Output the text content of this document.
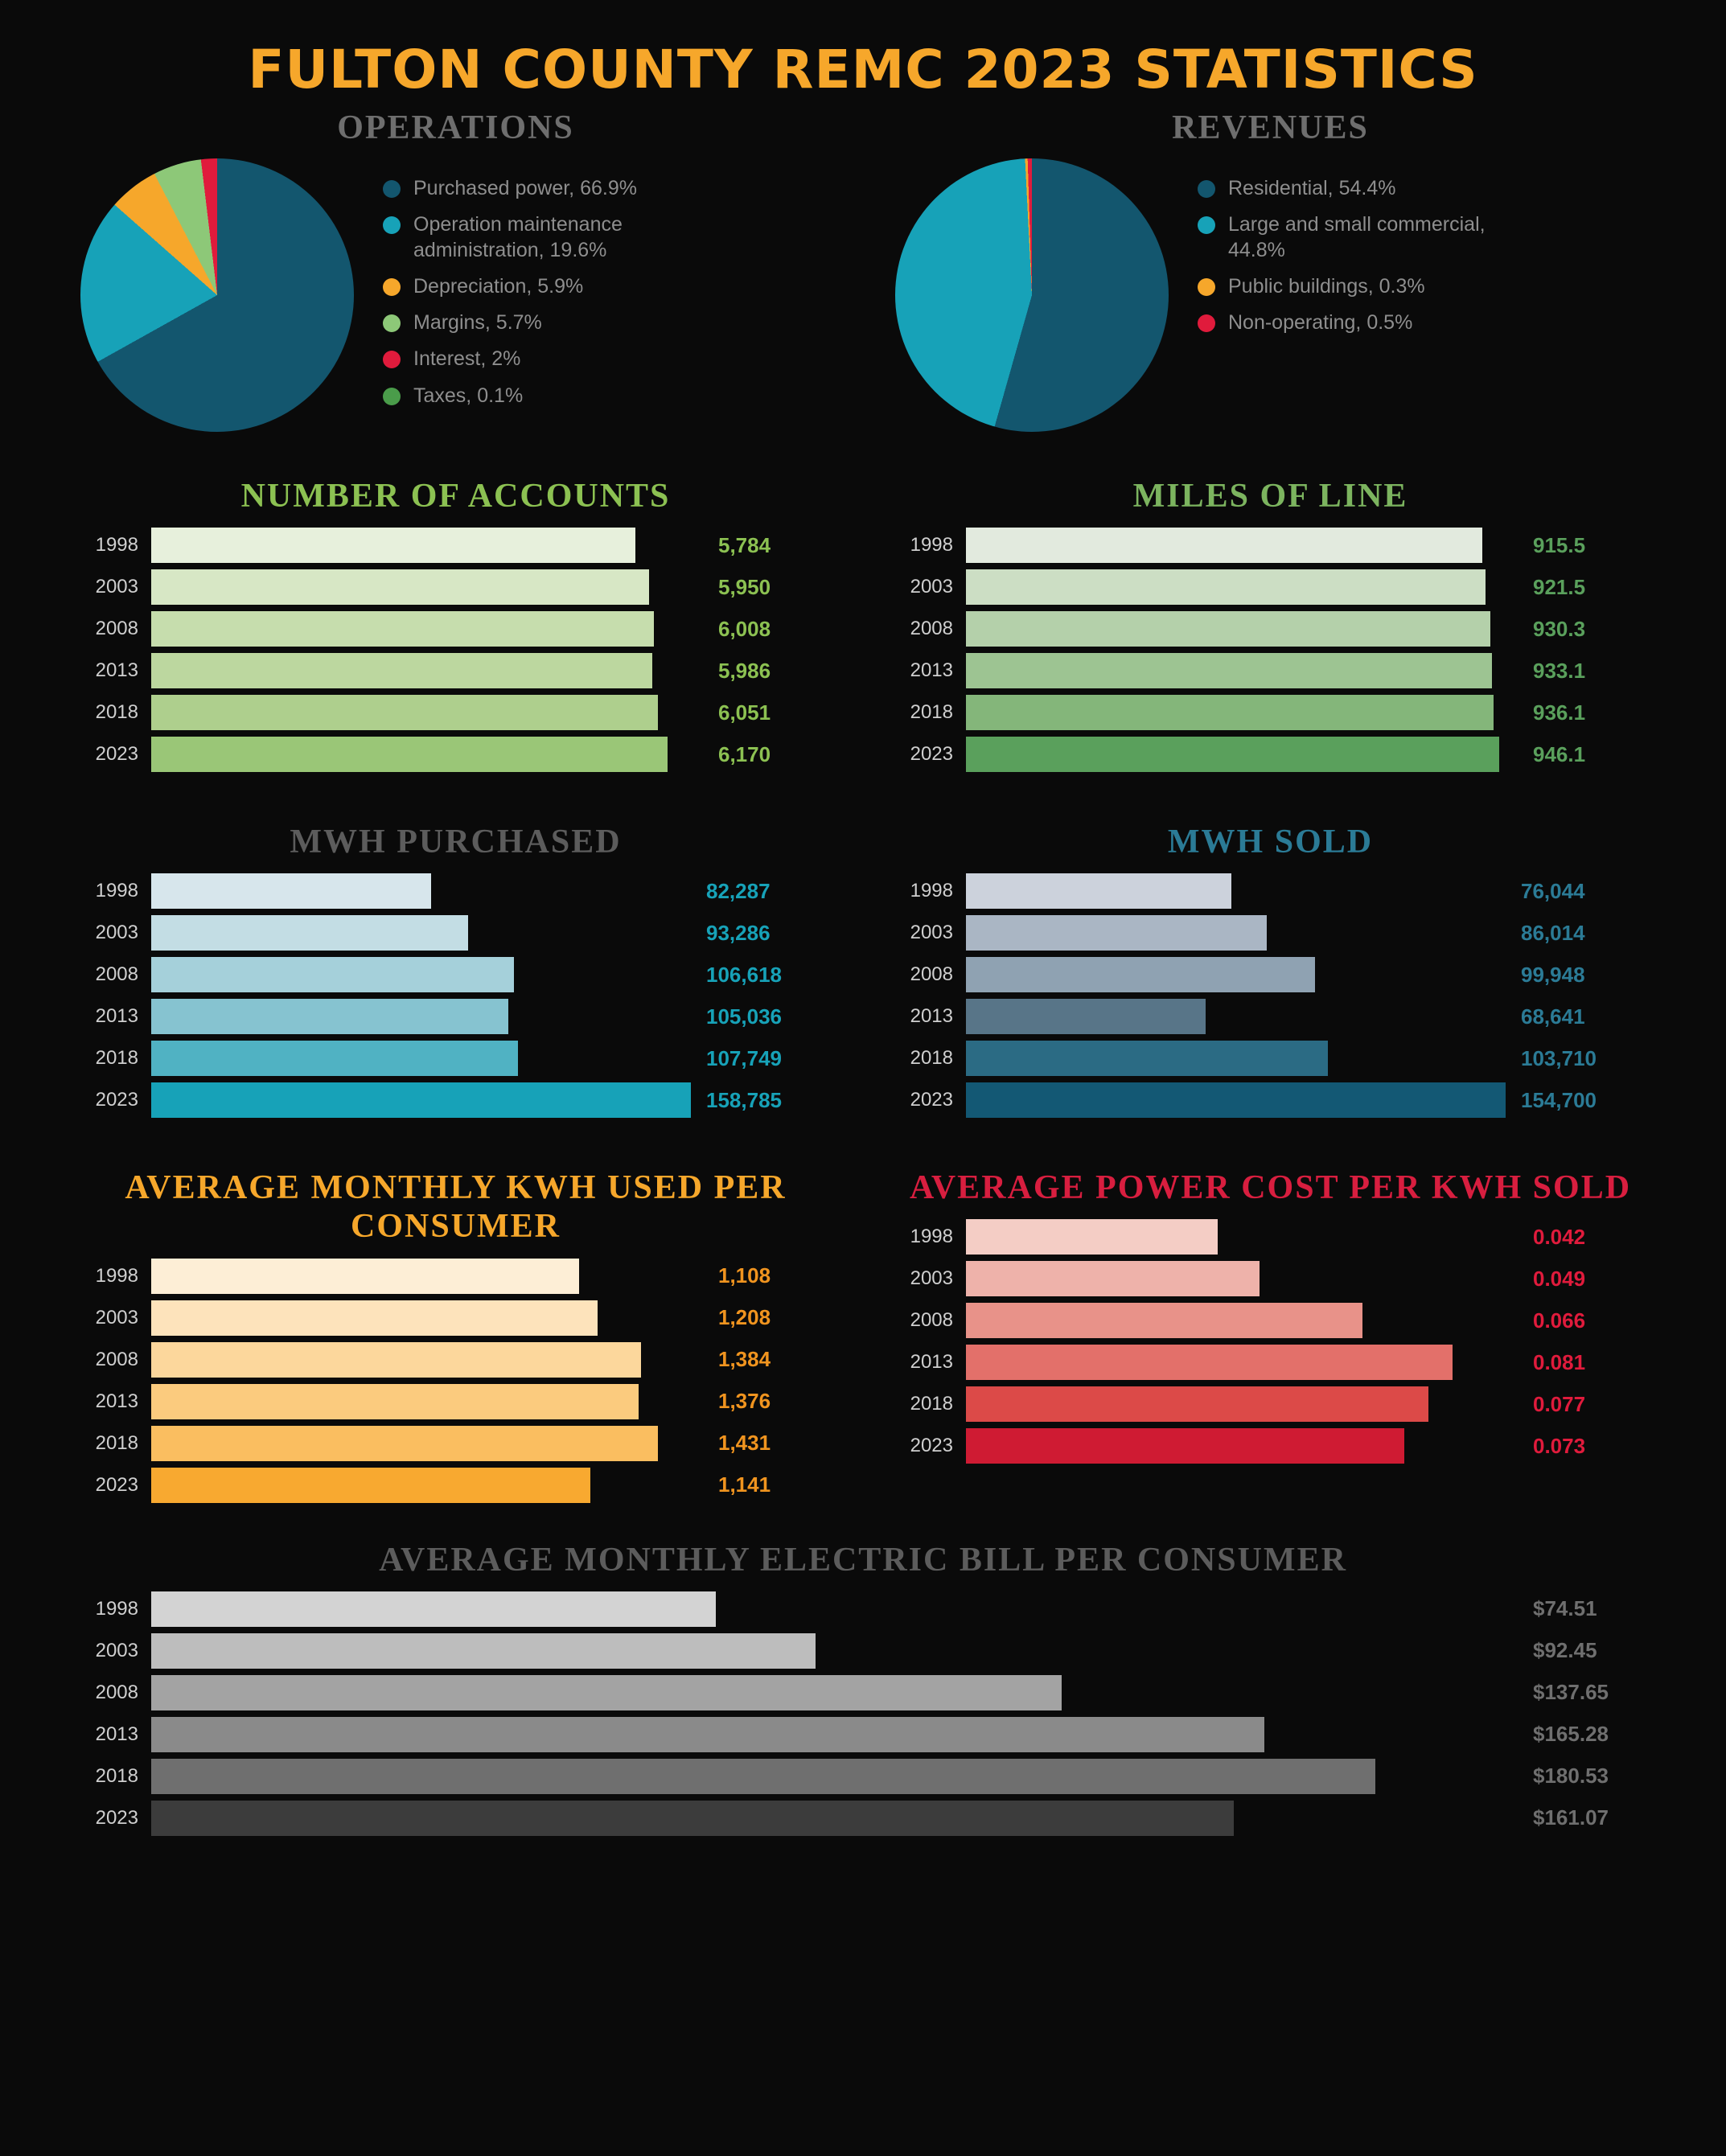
FULTON COUNTY REMC 2023 STATISTICS
OPERATIONS
Purchased power, 66.9%
Operation maintenance administration, 19.6%
Depreciation, 5.9%
Margins, 5.7%
Interest, 2%
Taxes, 0.1%
REVENUES
Residential, 54.4%
Large and small commercial, 44.8%
Public buildings, 0.3%
Non-operating, 0.5%
NUMBER OF ACCOUNTS
1998	5,784
2003	5,950
2008	6,008
2013	5,986
2018	6,051
2023	6,170
MILES OF LINE
1998	915.5
2003	921.5
2008	930.3
2013	933.1
2018	936.1
2023	946.1
MWH PURCHASED
1998	82,287
2003	93,286
2008	106,618
2013	105,036
2018	107,749
2023	158,785
MWH SOLD
1998	76,044
2003	86,014
2008	99,948
2013	68,641
2018	103,710
2023	154,700
AVERAGE MONTHLY KWH USED PER CONSUMER
1998	1,108
2003	1,208
2008	1,384
2013	1,376
2018	1,431
2023	1,141
AVERAGE POWER COST PER KWH SOLD
1998	0.042
2003	0.049
2008	0.066
2013	0.081
2018	0.077
2023	0.073
AVERAGE MONTHLY ELECTRIC BILL PER CONSUMER
1998	$74.51
2003	$92.45
2008	$137.65
2013	$165.28
2018	$180.53
2023	$161.07
